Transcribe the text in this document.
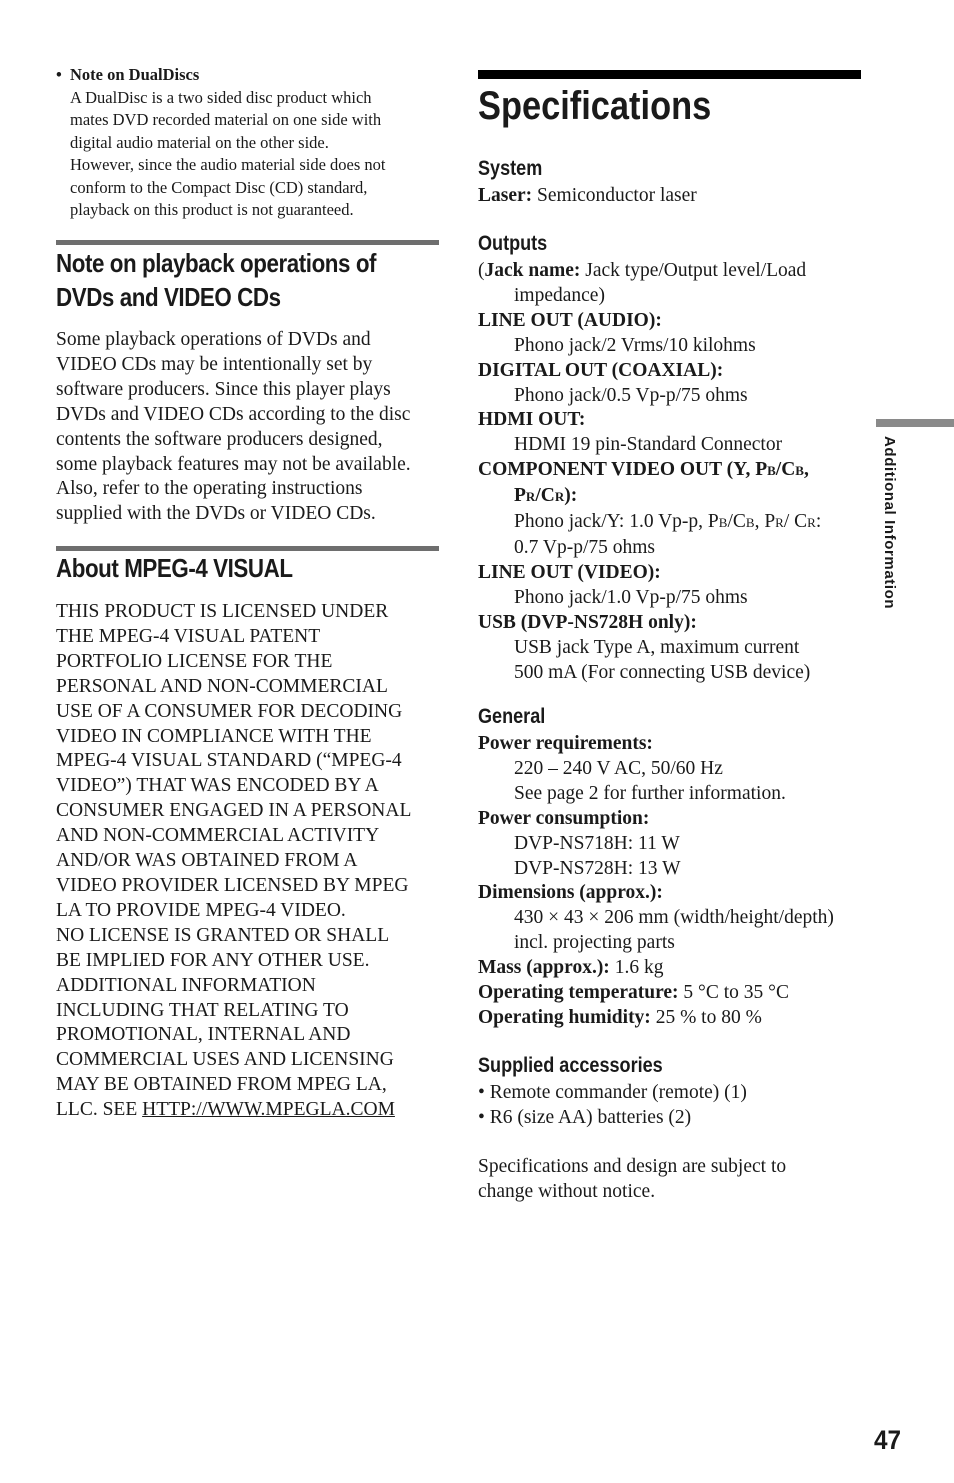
• Note on DualDiscs
A DualDisc is a two sided disc product which
mates DVD recorded material on one side with
digital audio material on the other side.
However, since the audio material side does not
conform to the Compact Disc (CD) standard,
playback on this product is not guaranteed.
Note on playback operations of
DVDs and VIDEO CDs

Some playback operations of DVDs and
VIDEO CDs may be intentionally set by
software producers. Since this player plays
DVDs and VIDEO CDs according to the disc
contents the software producers designed,
some playback features may not be available.
Also, refer to the operating instructions
supplied with the DVDs or VIDEO CDs.

About MPEG-4 VISUAL

THIS PRODUCT IS LICENSED UNDER
THE MPEG-4 VISUAL PATENT
PORTFOLIO LICENSE FOR THE
PERSONAL AND NON-COMMERCIAL
USE OF A CONSUMER FOR DECODING
VIDEO IN COMPLIANCE WITH THE
MPEG-4 VISUAL STANDARD (“MPEG-4
VIDEO”) THAT WAS ENCODED BY A
CONSUMER ENGAGED IN A PERSONAL
AND NON-COMMERCIAL ACTIVITY
AND/OR WAS OBTAINED FROM A
VIDEO PROVIDER LICENSED BY MPEG
LA TO PROVIDE MPEG-4 VIDEO.
NO LICENSE IS GRANTED OR SHALL
BE IMPLIED FOR ANY OTHER USE.
ADDITIONAL INFORMATION
INCLUDING THAT RELATING TO
PROMOTIONAL, INTERNAL AND
COMMERCIAL USES AND LICENSING
MAY BE OBTAINED FROM MPEG LA,
LLC. SEE HTTP://WWW.MPEGLA.COM

Specifications
System
Laser: Semiconductor laser
Outputs
(Jack name: Jack type/Output level/Load
impedance)
LINE OUT (AUDIO):
Phono jack/2 Vrms/10 kilohms
DIGITAL OUT (COAXIAL):
Phono jack/0.5 Vp-p/75 ohms
HDMI OUT:
HDMI 19 pin-Standard Connector
COMPONENT VIDEO OUT (Y, PB/CB,
PR/CR):
Phono jack/Y: 1.0 Vp-p, PB/CB, PR/ CR:
0.7 Vp-p/75 ohms
LINE OUT (VIDEO):
Phono jack/1.0 Vp-p/75 ohms
USB (DVP-NS728H only):
USB jack Type A, maximum current
500 mA (For connecting USB device)
General
Power requirements:
220 – 240 V AC, 50/60 Hz
See page 2 for further information.
Power consumption:
DVP-NS718H: 11 W
DVP-NS728H: 13 W
Dimensions (approx.):
430 × 43 × 206 mm (width/height/depth)
incl. projecting parts
Mass (approx.): 1.6 kg
Operating temperature: 5 °C to 35 °C
Operating humidity: 25 % to 80 %
Supplied accessories
• Remote commander (remote) (1)
• R6 (size AA) batteries (2)
Specifications and design are subject to
change without notice.
Additional Information

47
